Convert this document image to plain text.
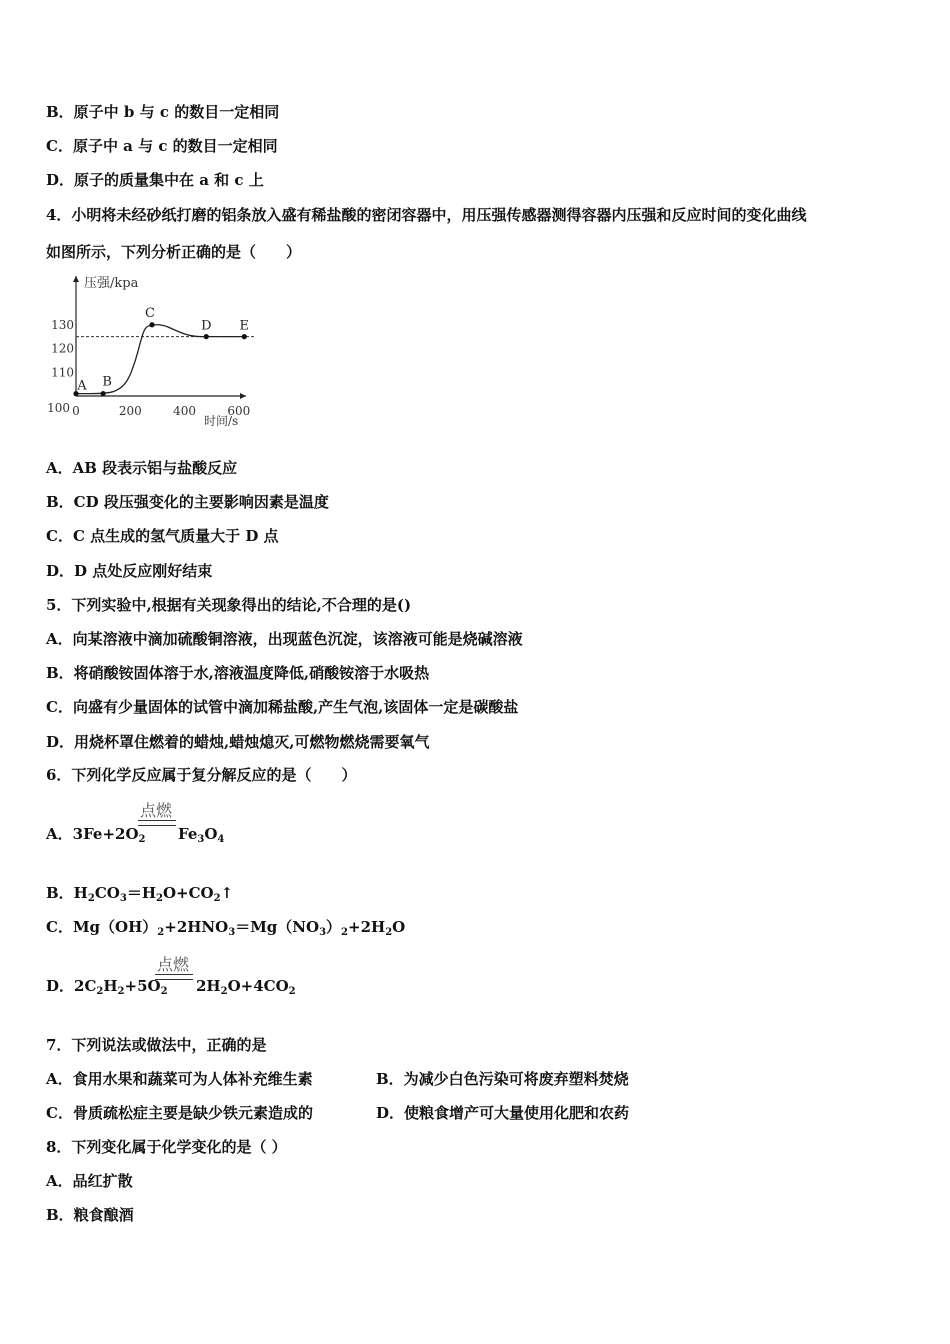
B．原子中 b 与 c 的数目一定相同
C．原子中 a 与 c 的数目一定相同
D．原子的质量集中在 a 和 c 上
4．小明将未经砂纸打磨的铝条放入盛有稀盐酸的密闭容器中，用压强传感器测得容器内压强和反应时间的变化曲线
如图所示，下列分析正确的是（　　）
压强/kpa
时间/s
100
110
120
130
0	200	400	600
A B
C
D E
A．AB 段表示铝与盐酸反应
B．CD 段压强变化的主要影响因素是温度
C．C 点生成的氢气质量大于 D 点
D．D 点处反应刚好结束
5．下列实验中,根据有关现象得出的结论,不合理的是()
A．向某溶液中滴加硫酸铜溶液，出现蓝色沉淀，该溶液可能是烧碱溶液
B．将硝酸铵固体溶于水,溶液温度降低,硝酸铵溶于水吸热
C．向盛有少量固体的试管中滴加稀盐酸,产生气泡,该固体一定是碳酸盐
D．用烧杯罩住燃着的蜡烛,蜡烛熄灭,可燃物燃烧需要氧气
6．下列化学反应属于复分解反应的是（　　）
A．$3Fe+2O_2$
点燃
$Fe_3O_4$
B．$H_2CO_3=H_2O+CO_2↑$
C．$Mg(OH)_2+2HNO_3=Mg(NO_3)_2+2H_2O$
D．$2C_2H_2+5O_2$
点燃
$2H_2O+4CO_2$
7．下列说法或做法中，正确的是
A．食用水果和蔬菜可为人体补充维生素	B．为减少白色污染可将废弃塑料焚烧
C．骨质疏松症主要是缺少铁元素造成的	D．使粮食增产可大量使用化肥和农药
8．下列变化属于化学变化的是（ ）
A．品红扩散
B．粮食酿酒
